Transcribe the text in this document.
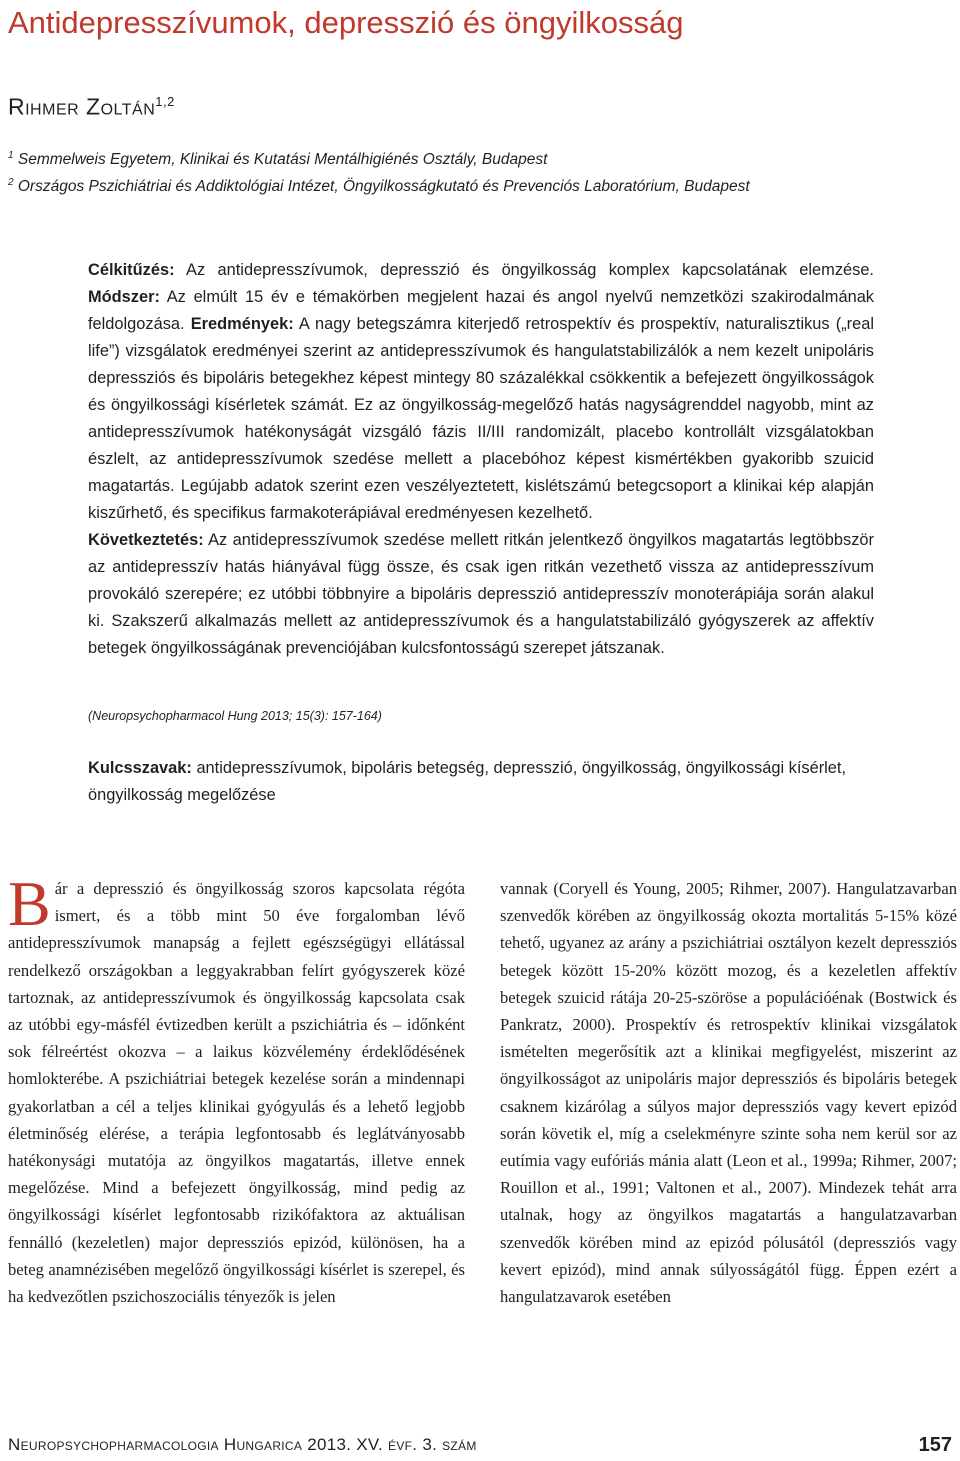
Antidepresszívumok, depresszió és öngyilkosság
Rihmer Zoltán$^{1,2}$
$^1$ Semmelweis Egyetem, Klinikai és Kutatási Mentálhigiénés Osztály, Budapest
$^2$ Országos Pszichiátriai és Addiktológiai Intézet, Öngyilkosságkutató és Prevenciós Laboratórium, Budapest

Célkitűzés: Az antidepresszívumok, depresszió és öngyilkosság komplex kapcsolatának elemzése. Módszer: Az elmúlt 15 év e témakörben megjelent hazai és angol nyelvű nemzetközi szakirodalmának feldolgozása. Eredmények: A nagy betegszámra kiterjedő retrospektív és prospektív, naturalisztikus („real life”) vizsgálatok eredményei szerint az antidepresszívumok és hangulatstabilizálók a nem kezelt unipoláris depressziós és bipoláris betegekhez képest mintegy 80 százalékkal csökkentik a befejezett öngyilkosságok és öngyilkossági kísérletek számát. Ez az öngyilkosság-megelőző hatás nagyságrenddel nagyobb, mint az antidepresszívumok hatékonyságát vizsgáló fázis II/III randomizált, placebo kontrollált vizsgálatokban észlelt, az antidepresszívumok szedése mellett a placebóhoz képest kismértékben gyakoribb szuicid magatartás. Legújabb adatok szerint ezen veszélyeztetett, kislétszámú betegcsoport a klinikai kép alapján kiszűrhető, és specifikus farmakoterápiával eredményesen kezelhető.

Következtetés: Az antidepresszívumok szedése mellett ritkán jelentkező öngyilkos magatartás legtöbbször az antidepresszív hatás hiányával függ össze, és csak igen ritkán vezethető vissza az antidepresszívum provokáló szerepére; ez utóbbi többnyire a bipoláris depresszió antidepresszív monoterápiája során alakul ki. Szakszerű alkalmazás mellett az antidepresszívumok és a hangulatstabilizáló gyógyszerek az affektív betegek öngyilkosságának prevenciójában kulcsfontosságú szerepet játszanak.

(Neuropsychopharmacol Hung 2013; 15(3): 157-164)
Kulcsszavak: antidepresszívumok, bipoláris betegség, depresszió, öngyilkosság, öngyilkossági kísérlet, öngyilkosság megelőzése

Bár a depresszió és öngyilkosság szoros kapcsolata régóta ismert, és a több mint 50 éve forgalomban lévő antidepresszívumok manapság a fejlett egészségügyi ellátással rendelkező országokban a leggyakrabban felírt gyógyszerek közé tartoznak, az antidepresszívumok és öngyilkosság kapcsolata csak az utóbbi egy-másfél évtizedben került a pszichiátria és – időnként sok félreértést okozva – a laikus közvélemény érdeklődésének homlokterébe. A pszichiátriai betegek kezelése során a mindennapi gyakorlatban a cél a teljes klinikai gyógyulás és a lehető legjobb életminőség elérése, a terápia legfontosabb és leglátványosabb hatékonysági mutatója az öngyilkos magatartás, illetve ennek megelőzése. Mind a befejezett öngyilkosság, mind pedig az öngyilkossági kísérlet legfontosabb rizikófaktora az aktuálisan fennálló (kezeletlen) major depressziós epizód, különösen, ha a beteg anamnézisében megelőző öngyilkossági kísérlet is szerepel, és ha kedvezőtlen pszichoszociális tényezők is jelen

vannak (Coryell és Young, 2005; Rihmer, 2007). Hangulatzavarban szenvedők körében az öngyilkosság okozta mortalitás 5-15% közé tehető, ugyanez az arány a pszichiátriai osztályon kezelt depressziós betegek között 15-20% között mozog, és a kezeletlen affektív betegek szuicid rátája 20-25-szöröse a populációénak (Bostwick és Pankratz, 2000). Prospektív és retrospektív klinikai vizsgálatok ismételten megerősítik azt a klinikai megfigyelést, miszerint az öngyilkosságot az unipoláris major depressziós és bipoláris betegek csaknem kizárólag a súlyos major depressziós vagy kevert epizód során követik el, míg a cselekményre szinte soha nem kerül sor az eutímia vagy eufóriás mánia alatt (Leon et al., 1999a; Rihmer, 2007; Rouillon et al., 1991; Valtonen et al., 2007). Mindezek tehát arra utalnak, hogy az öngyilkos magatartás a hangulatzavarban szenvedők körében mind az epizód pólusától (depressziós vagy kevert epizód), mind annak súlyosságától függ. Éppen ezért a hangulatzavarok esetében

Neuropsychopharmacologia Hungarica 2013. XV. évf. 3. szám	157
